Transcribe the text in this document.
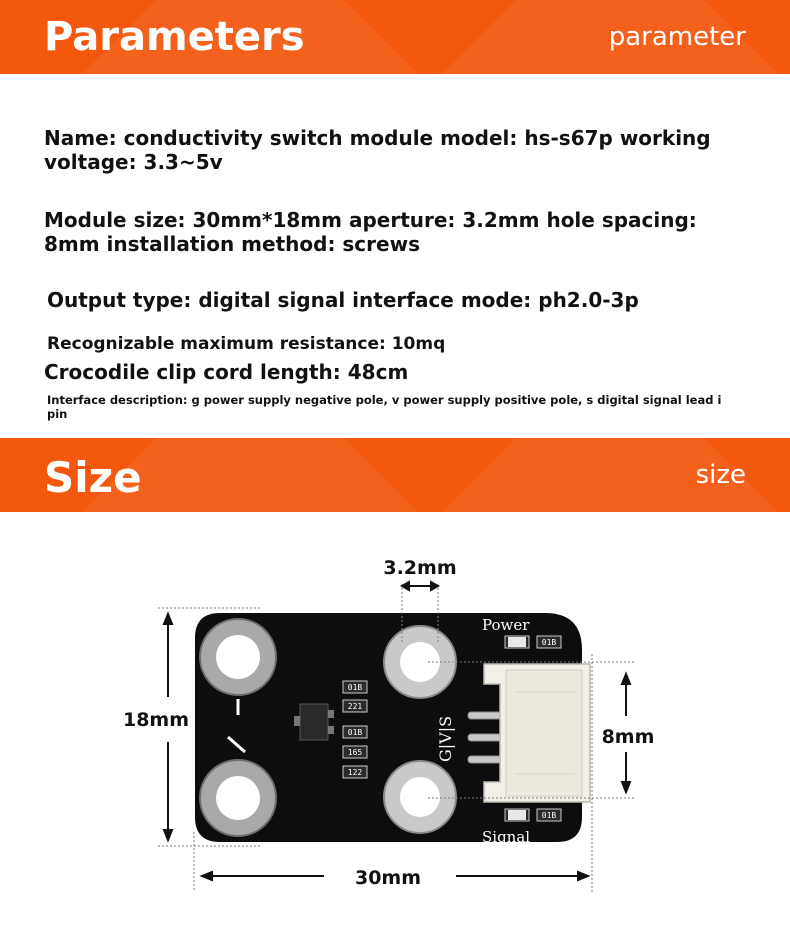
Parameters	parameter
Name: conductivity switch module model: hs-s67p working voltage: 3.3~5v
Module size: 30mm*18mm aperture: 3.2mm hole spacing: 8mm installation method: screws
Output type: digital signal interface mode: ph2.0-3p
Recognizable maximum resistance: 10mq
Crocodile clip cord length: 48cm
Interface description: g power supply negative pole, v power supply positive pole, s digital signal lead i pin
Size	size
01B
221
01B
165
122
01B
01B
Power
Signal
G|V|S
3.2mm
18mm
8mm
30mm
